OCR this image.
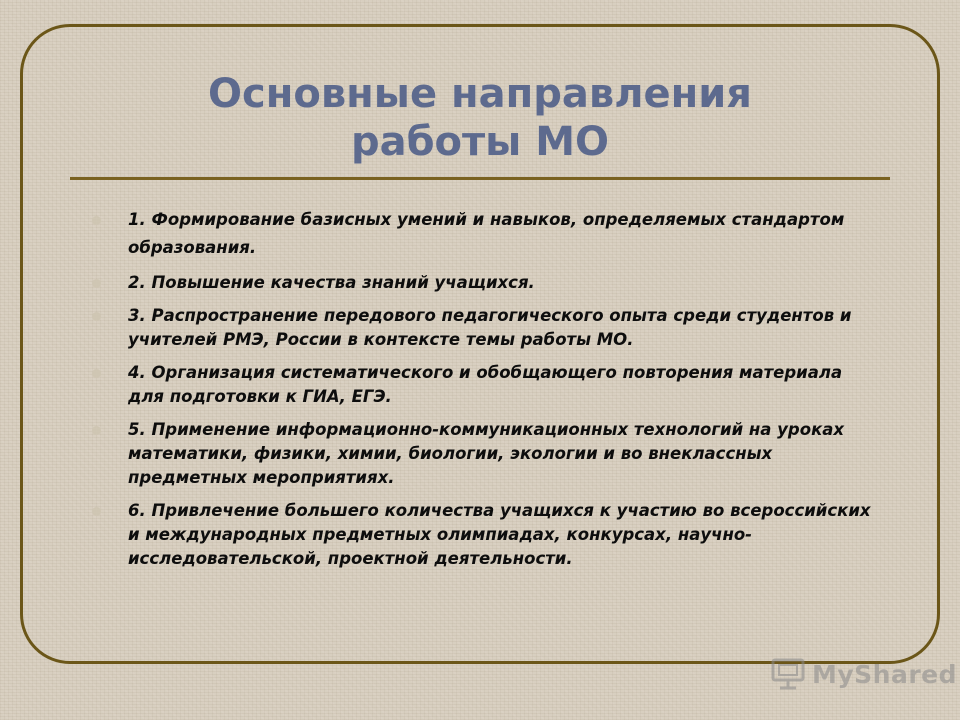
Основные направления
работы МО
1. Формирование базисных умений и навыков, определяемых стандартом образования.
2. Повышение качества знаний учащихся.
3. Распространение передового педагогического опыта среди студентов и учителей РМЭ, России в контексте темы работы МО.
4. Организация систематического и обобщающего повторения материала для подготовки к ГИА, ЕГЭ.
5. Применение информационно-коммуникационных технологий на уроках математики, физики, химии, биологии, экологии и во внеклассных предметных мероприятиях.
6. Привлечение большего количества учащихся к участию во всероссийских и международных предметных олимпиадах, конкурсах, научно-исследовательской, проектной деятельности.
MyShared
